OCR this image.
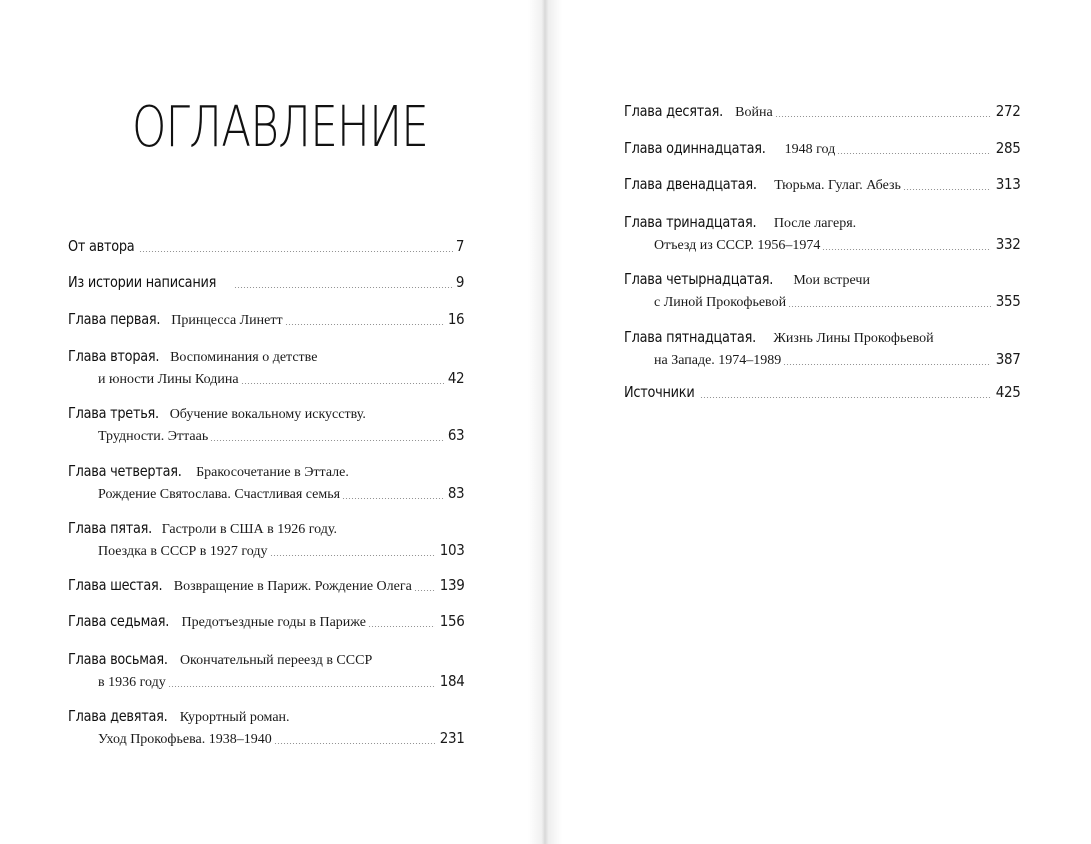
ОГЛАВЛЕНИЕ
От автора	7
Из истории написания	9
Глава первая.
Принцесса Линетт	16
Глава вторая.
Воспоминания о детстве
и юности Лины Кодина	42
Глава третья.
Обучение вокальному искусству.
Трудности. Эттааь	63
Глава четвертая.
Бракосочетание в Эттале.
Рождение Святослава. Счастливая семья	83
Глава пятая.
Гастроли в США в 1926 году.
Поездка в СССР в 1927 году	103
Глава шестая.
Возвращение в Париж. Рождение Олега 139
Глава седьмая.
Предотъездные годы в Париже	156
Глава восьмая.
Окончательный переезд в СССР
в 1936 году	184
Глава девятая.
Курортный роман.
Уход Прокофьева. 1938–1940	231
Глава десятая.
Война	272
Глава одиннадцатая.
1948 год	285
Глава двенадцатая.
Тюрьма. Гулаг. Абезь	313
Глава тринадцатая.
После лагеря.
Отъезд из СССР. 1956–1974	332
Глава четырнадцатая.
Мои встречи
с Линой Прокофьевой	355
Глава пятнадцатая.
Жизнь Лины Прокофьевой
на Западе. 1974–1989	387
Источники	425
